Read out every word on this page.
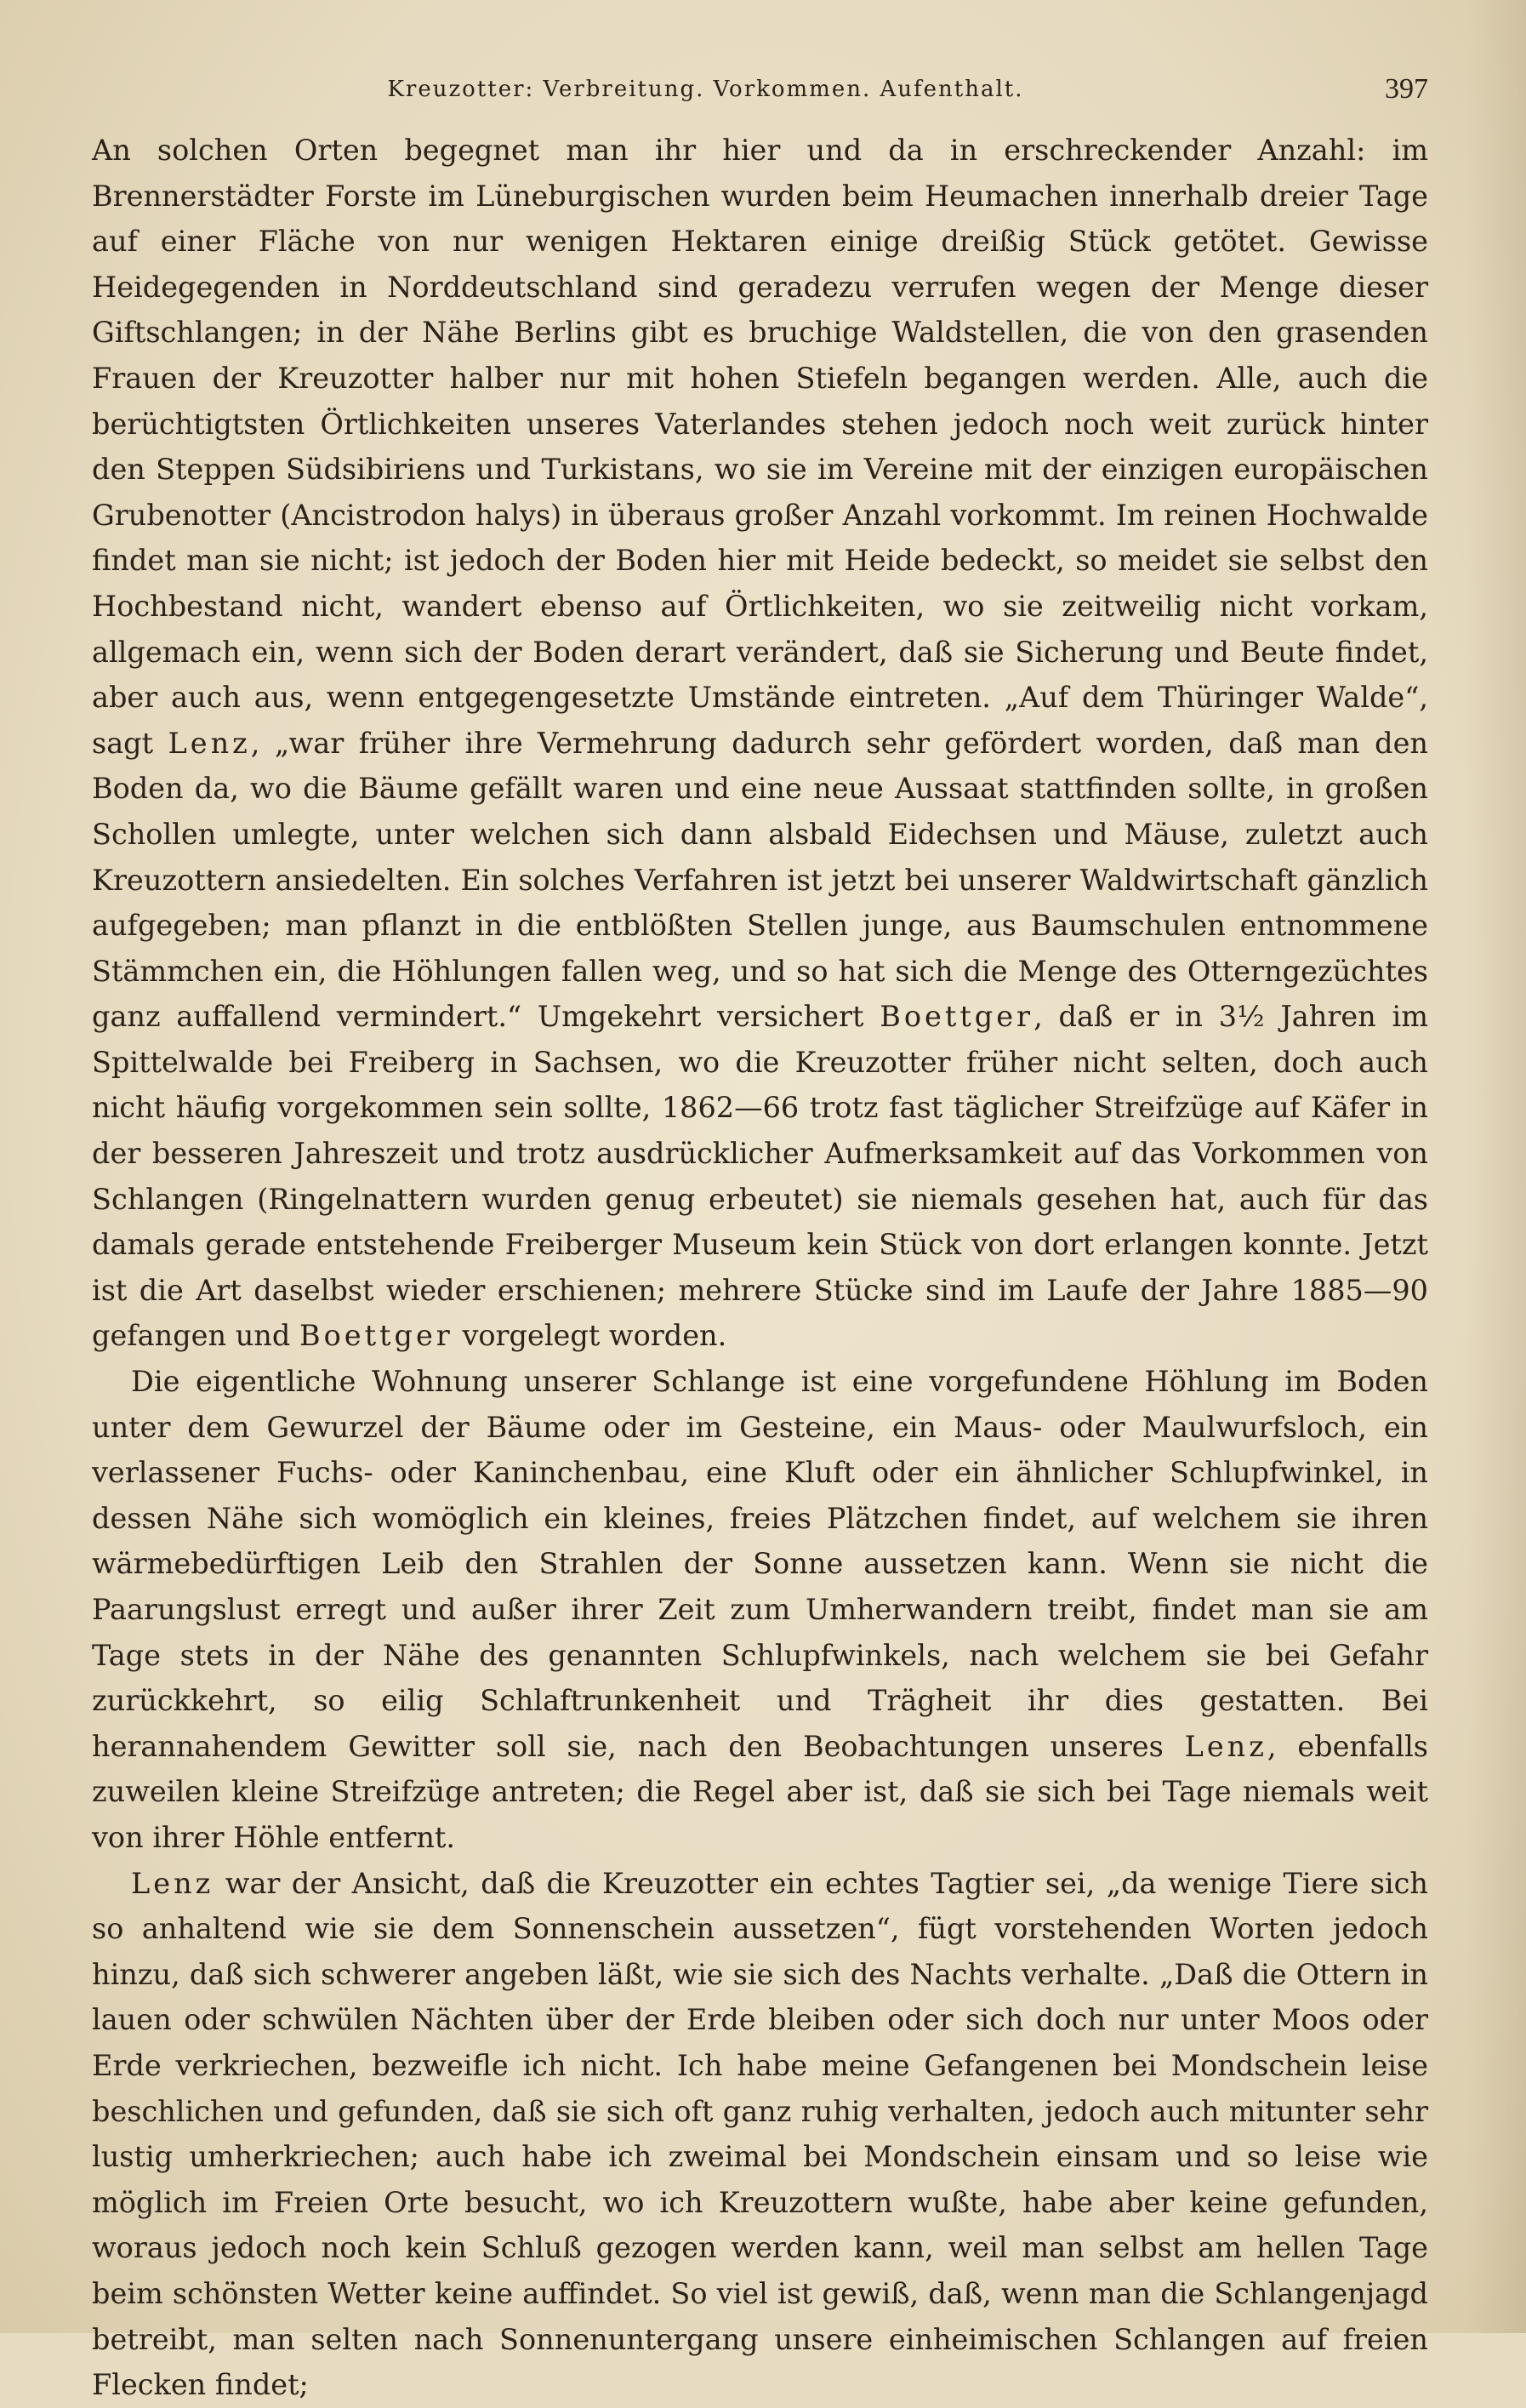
Kreuzotter: Verbreitung. Vorkommen. Aufenthalt.	397

An solchen Orten begegnet man ihr hier und da in erschreckender Anzahl: im Brennerstädter Forste im Lüneburgischen wurden beim Heumachen innerhalb dreier Tage auf einer Fläche von nur wenigen Hektaren einige dreißig Stück getötet. Gewisse Heidegegenden in Norddeutschland sind geradezu verrufen wegen der Menge dieser Giftschlangen; in der Nähe Berlins gibt es bruchige Waldstellen, die von den grasenden Frauen der Kreuzotter halber nur mit hohen Stiefeln begangen werden. Alle, auch die berüchtigtsten Örtlichkeiten unseres Vaterlandes stehen jedoch noch weit zurück hinter den Steppen Südsibiriens und Turkistans, wo sie im Vereine mit der einzigen europäischen Grubenotter (Ancistrodon halys) in überaus großer Anzahl vorkommt. Im reinen Hochwalde findet man sie nicht; ist jedoch der Boden hier mit Heide bedeckt, so meidet sie selbst den Hochbestand nicht, wandert ebenso auf Örtlichkeiten, wo sie zeitweilig nicht vorkam, allgemach ein, wenn sich der Boden derart verändert, daß sie Sicherung und Beute findet, aber auch aus, wenn entgegengesetzte Umstände eintreten. „Auf dem Thüringer Walde“, sagt Lenz, „war früher ihre Vermehrung dadurch sehr gefördert worden, daß man den Boden da, wo die Bäume gefällt waren und eine neue Aussaat stattfinden sollte, in großen Schollen umlegte, unter welchen sich dann alsbald Eidechsen und Mäuse, zuletzt auch Kreuzottern ansiedelten. Ein solches Verfahren ist jetzt bei unserer Waldwirtschaft gänzlich aufgegeben; man pflanzt in die entblößten Stellen junge, aus Baumschulen entnommene Stämmchen ein, die Höhlungen fallen weg, und so hat sich die Menge des Otterngezüchtes ganz auffallend vermindert.“ Umgekehrt versichert Boettger, daß er in 3½ Jahren im Spittelwalde bei Freiberg in Sachsen, wo die Kreuzotter früher nicht selten, doch auch nicht häufig vorgekommen sein sollte, 1862—66 trotz fast täglicher Streifzüge auf Käfer in der besseren Jahreszeit und trotz ausdrücklicher Aufmerksamkeit auf das Vorkommen von Schlangen (Ringelnattern wurden genug erbeutet) sie niemals gesehen hat, auch für das damals gerade entstehende Freiberger Museum kein Stück von dort erlangen konnte. Jetzt ist die Art daselbst wieder erschienen; mehrere Stücke sind im Laufe der Jahre 1885—90 gefangen und Boettger vorgelegt worden.

Die eigentliche Wohnung unserer Schlange ist eine vorgefundene Höhlung im Boden unter dem Gewurzel der Bäume oder im Gesteine, ein Maus- oder Maulwurfsloch, ein verlassener Fuchs- oder Kaninchenbau, eine Kluft oder ein ähnlicher Schlupfwinkel, in dessen Nähe sich womöglich ein kleines, freies Plätzchen findet, auf welchem sie ihren wärmebedürftigen Leib den Strahlen der Sonne aussetzen kann. Wenn sie nicht die Paarungslust erregt und außer ihrer Zeit zum Umherwandern treibt, findet man sie am Tage stets in der Nähe des genannten Schlupfwinkels, nach welchem sie bei Gefahr zurückkehrt, so eilig Schlaftrunkenheit und Trägheit ihr dies gestatten. Bei herannahendem Gewitter soll sie, nach den Beobachtungen unseres Lenz, ebenfalls zuweilen kleine Streifzüge antreten; die Regel aber ist, daß sie sich bei Tage niemals weit von ihrer Höhle entfernt.

Lenz war der Ansicht, daß die Kreuzotter ein echtes Tagtier sei, „da wenige Tiere sich so anhaltend wie sie dem Sonnenschein aussetzen“, fügt vorstehenden Worten jedoch hinzu, daß sich schwerer angeben läßt, wie sie sich des Nachts verhalte. „Daß die Ottern in lauen oder schwülen Nächten über der Erde bleiben oder sich doch nur unter Moos oder Erde verkriechen, bezweifle ich nicht. Ich habe meine Gefangenen bei Mondschein leise beschlichen und gefunden, daß sie sich oft ganz ruhig verhalten, jedoch auch mitunter sehr lustig umherkriechen; auch habe ich zweimal bei Mondschein einsam und so leise wie möglich im Freien Orte besucht, wo ich Kreuzottern wußte, habe aber keine gefunden, woraus jedoch noch kein Schluß gezogen werden kann, weil man selbst am hellen Tage beim schönsten Wetter keine auffindet. So viel ist gewiß, daß, wenn man die Schlangenjagd betreibt, man selten nach Sonnenuntergang unsere einheimischen Schlangen auf freien Flecken findet;
